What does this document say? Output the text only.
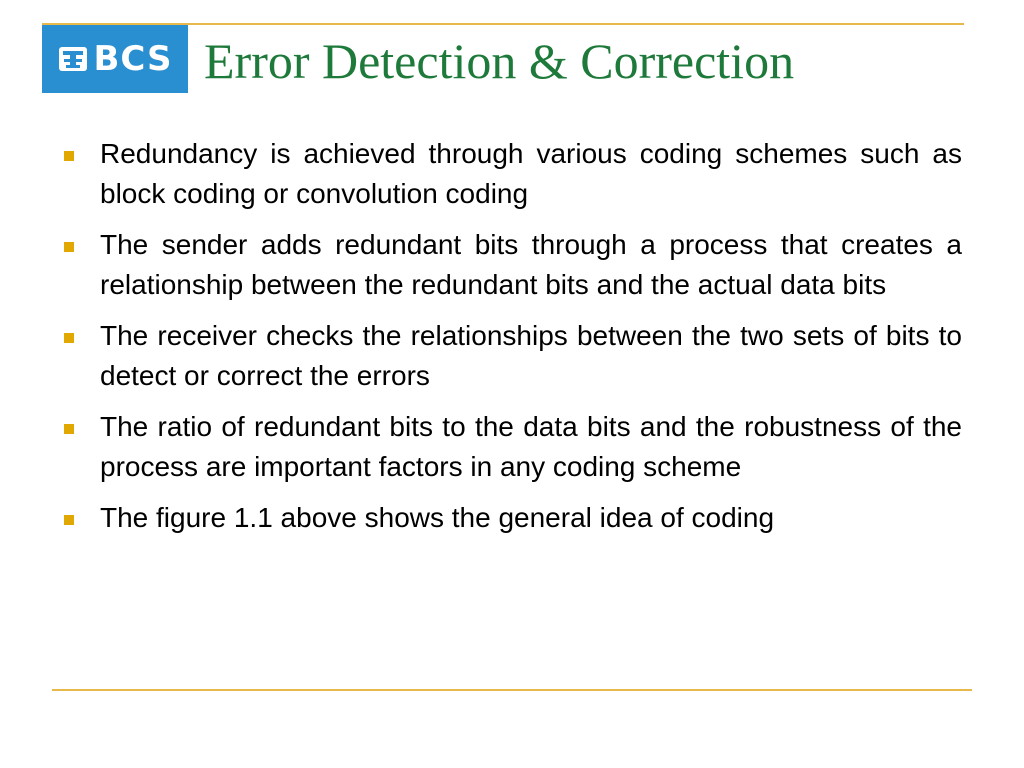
BCS Error Detection & Correction
Redundancy is achieved through various coding schemes such as block coding or convolution coding
The sender adds redundant bits through a process that creates a relationship between the redundant bits and the actual data bits
The receiver checks the relationships between the two sets of bits to detect or correct the errors
The ratio of redundant bits to the data bits and the robustness of the process are important factors in any coding scheme
The figure 1.1 above shows the general idea of coding
